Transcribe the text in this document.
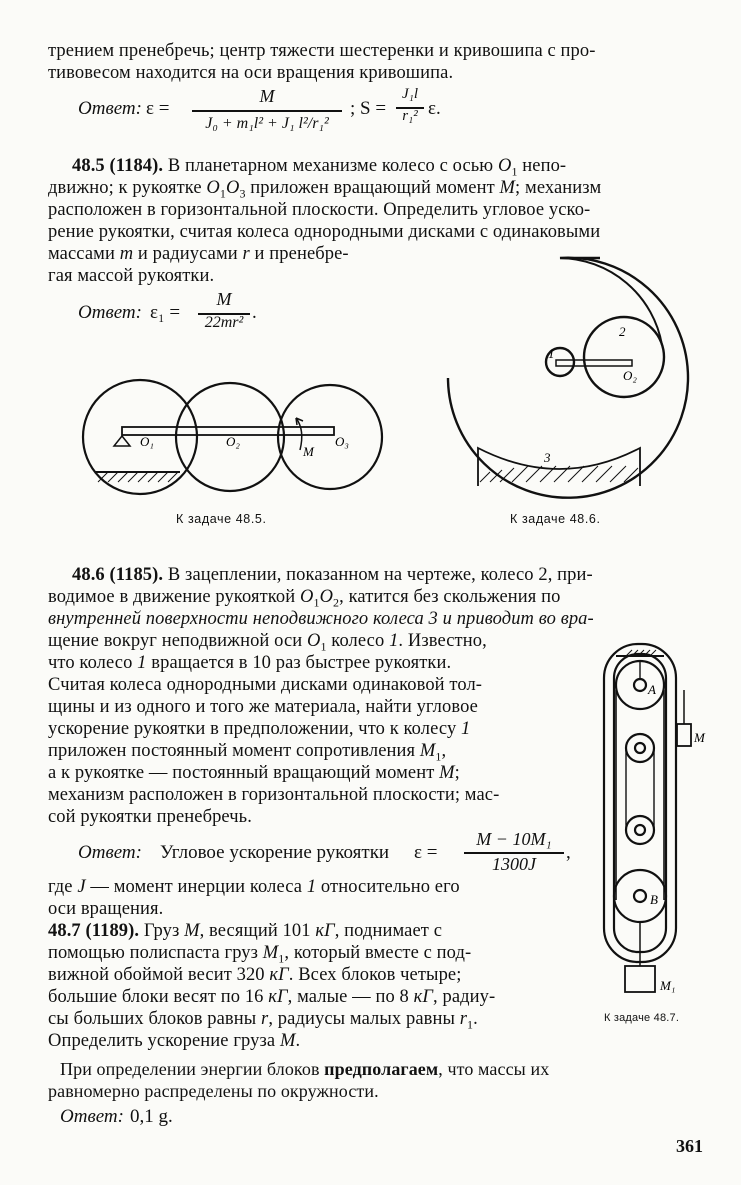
трением пренебречь; центр тяжести шестеренки и кривошипа с про-
тивовесом находится на оси вращения кривошипа.
Ответ: ε =
M
J₀ + m₁l² + J₁ l²/r₁²
; S =
J₁l
r₁² ε.
48.5 (1184). В планетарном механизме колесо с осью $O_1$ непо-
движно; к рукоятке $O_1O_3$ приложен вращающий момент M; механизм
расположен в горизонтальной плоскости. Определить угловое уско-
рение рукоятки, считая колеса однородными дисками с одинаковыми
массами m и радиусами r и пренебре-
гая массой рукоятки.
Ответ: ε₁ =
M
22mr² .
O₁	O₂
M
O₃
К задаче 48.5.
1
2
O₂
3
К задаче 48.6.
48.6 (1185). В зацеплении, показанном на чертеже, колесо 2, при-
водимое в движение рукояткой $O_1O_2$, катится без скольжения по
внутренней поверхности неподвижного колеса 3 и приводит во вра-
щение вокруг неподвижной оси $O_1$ колесо 1. Известно,
что колесо 1 вращается в 10 раз быстрее рукоятки.
Считая колеса однородными дисками одинаковой тол-
щины и из одного и того же материала, найти угловое
ускорение рукоятки в предположении, что к колесу 1
приложен постоянный момент сопротивления $M_1$,
а к рукоятке — постоянный вращающий момент M;
механизм расположен в горизонтальной плоскости; мас-
сой рукоятки пренебречь.
Ответ: Угловое ускорение рукоятки ε =
M − 10M₁
1300J
,
где J — момент инерции колеса 1 относительно его
оси вращения.
48.7 (1189). Груз M, весящий 101 кГ, поднимает с
помощью полиспаста груз $M_1$, который вместе с под-
вижной обоймой весит 320 кГ. Всех блоков четыре;
большие блоки весят по 16 кГ, малые — по 8 кГ, радиу-
сы больших блоков равны r, радиусы малых равны $r_1$.
Определить ускорение груза M.
При определении энергии блоков предполагаем, что массы их
равномерно распределены по окружности.
Ответ: 0,1 g.
A
M
B
M₁
К задаче 48.7.
361
